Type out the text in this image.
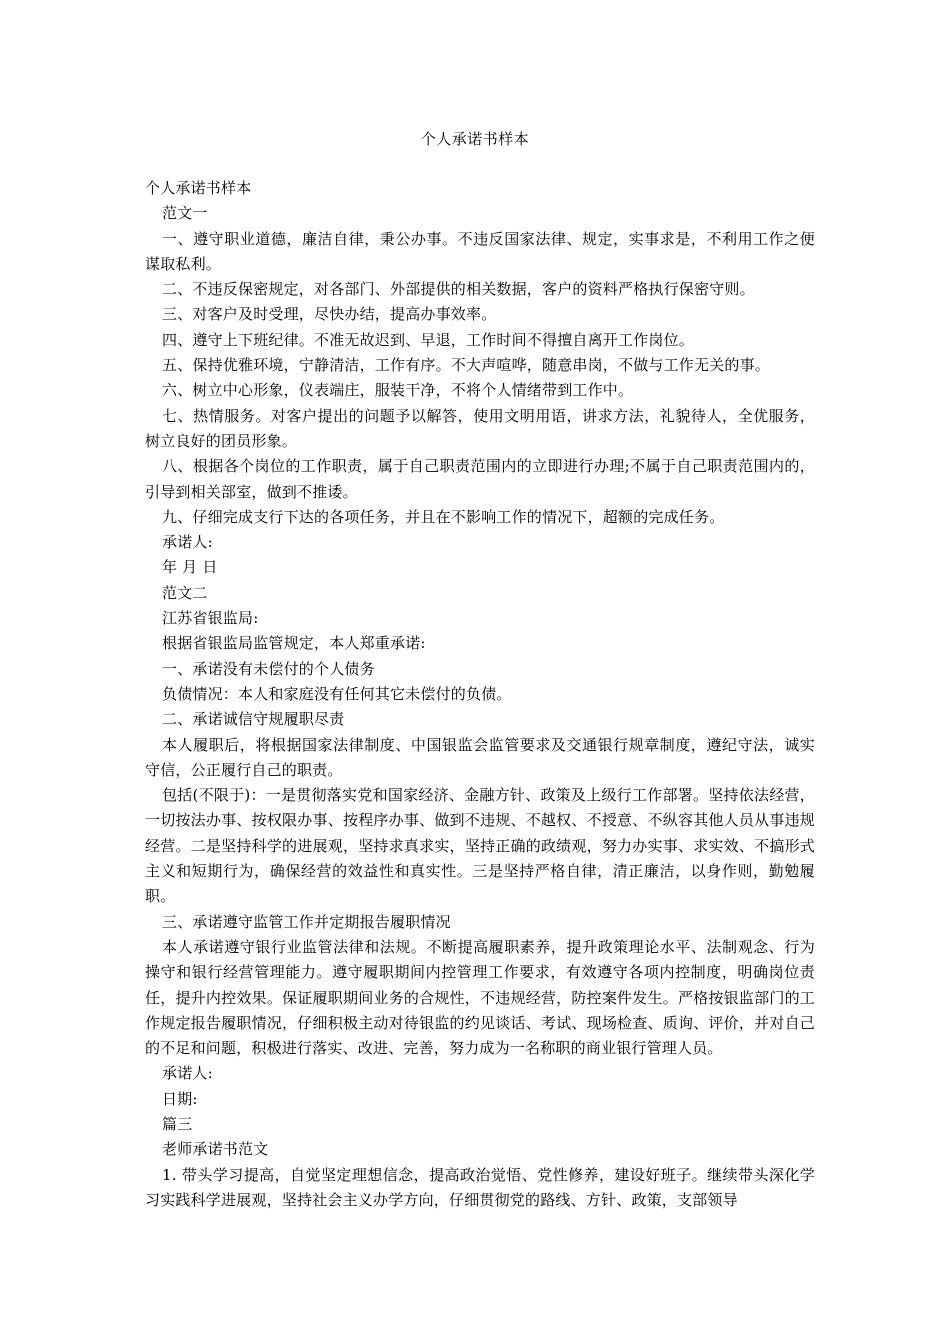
个人承诺书样本

个人承诺书样本

范文一

一、遵守职业道德，廉洁自律，秉公办事。不违反国家法律、规定，实事求是，不利用工作之便谋取私利。

二、不违反保密规定，对各部门、外部提供的相关数据，客户的资料严格执行保密守则。

三、对客户及时受理，尽快办结，提高办事效率。

四、遵守上下班纪律。不准无故迟到、早退，工作时间不得擅自离开工作岗位。

五、保持优雅环境，宁静清洁，工作有序。不大声喧哗，随意串岗，不做与工作无关的事。

六、树立中心形象，仪表端庄，服装干净，不将个人情绪带到工作中。

七、热情服务。对客户提出的问题予以解答，使用文明用语，讲求方法，礼貌待人，全优服务，树立良好的团员形象。

八、根据各个岗位的工作职责，属于自己职责范围内的立即进行办理;不属于自己职责范围内的，引导到相关部室，做到不推诿。

九、仔细完成支行下达的各项任务，并且在不影响工作的情况下，超额的完成任务。

承诺人:

年 月 日

范文二

江苏省银监局:

根据省银监局监管规定，本人郑重承诺:

一、承诺没有未偿付的个人债务

负债情况：本人和家庭没有任何其它未偿付的负债。

二、承诺诚信守规履职尽责

本人履职后，将根据国家法律制度、中国银监会监管要求及交通银行规章制度，遵纪守法，诚实守信，公正履行自己的职责。

包括(不限于)：一是贯彻落实党和国家经济、金融方针、政策及上级行工作部署。坚持依法经营，一切按法办事、按权限办事、按程序办事、做到不违规、不越权、不授意、不纵容其他人员从事违规经营。二是坚持科学的进展观，坚持求真求实，坚持正确的政绩观，努力办实事、求实效、不搞形式主义和短期行为，确保经营的效益性和真实性。三是坚持严格自律，清正廉洁，以身作则，勤勉履职。

三、承诺遵守监管工作并定期报告履职情况

本人承诺遵守银行业监管法律和法规。不断提高履职素养，提升政策理论水平、法制观念、行为操守和银行经营管理能力。遵守履职期间内控管理工作要求，有效遵守各项内控制度，明确岗位责任，提升内控效果。保证履职期间业务的合规性，不违规经营，防控案件发生。严格按银监部门的工作规定报告履职情况，仔细积极主动对待银监的约见谈话、考试、现场检查、质询、评价，并对自己的不足和问题，积极进行落实、改进、完善，努力成为一名称职的商业银行管理人员。

承诺人:

日期:

篇三

老师承诺书范文

1. 带头学习提高，自觉坚定理想信念，提高政治觉悟、党性修养，建设好班子。继续带头深化学习实践科学进展观，坚持社会主义办学方向，仔细贯彻党的路线、方针、政策，支部领导
